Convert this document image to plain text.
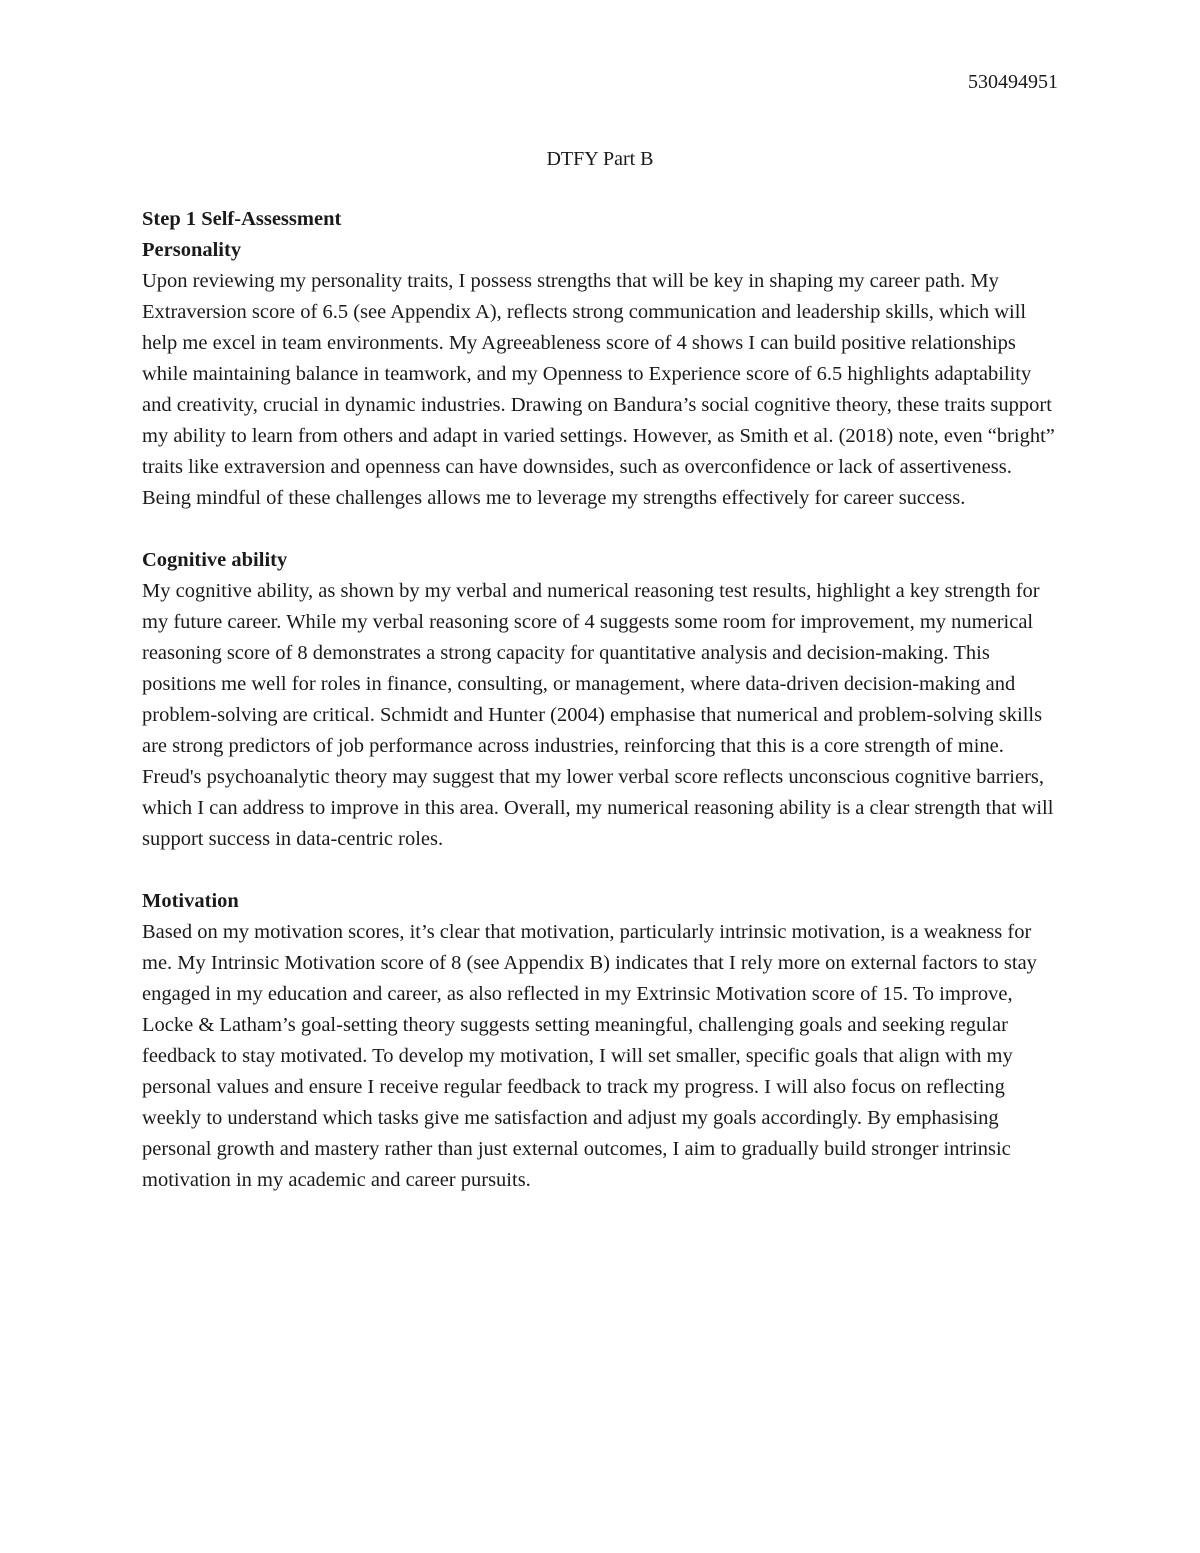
530494951
DTFY Part B

Step 1 Self-Assessment

Personality

Upon reviewing my personality traits, I possess strengths that will be key in shaping my career path. My Extraversion score of 6.5 (see Appendix A), reflects strong communication and leadership skills, which will help me excel in team environments. My Agreeableness score of 4 shows I can build positive relationships while maintaining balance in teamwork, and my Openness to Experience score of 6.5 highlights adaptability and creativity, crucial in dynamic industries. Drawing on Bandura’s social cognitive theory, these traits support my ability to learn from others and adapt in varied settings. However, as Smith et al. (2018) note, even “bright” traits like extraversion and openness can have downsides, such as overconfidence or lack of assertiveness. Being mindful of these challenges allows me to leverage my strengths effectively for career success.

Cognitive ability

My cognitive ability, as shown by my verbal and numerical reasoning test results, highlight a key strength for my future career. While my verbal reasoning score of 4 suggests some room for improvement, my numerical reasoning score of 8 demonstrates a strong capacity for quantitative analysis and decision-making. This positions me well for roles in finance, consulting, or management, where data-driven decision-making and problem-solving are critical. Schmidt and Hunter (2004) emphasise that numerical and problem-solving skills are strong predictors of job performance across industries, reinforcing that this is a core strength of mine. Freud's psychoanalytic theory may suggest that my lower verbal score reflects unconscious cognitive barriers, which I can address to improve in this area. Overall, my numerical reasoning ability is a clear strength that will support success in data-centric roles.

Motivation

Based on my motivation scores, it’s clear that motivation, particularly intrinsic motivation, is a weakness for me. My Intrinsic Motivation score of 8 (see Appendix B) indicates that I rely more on external factors to stay engaged in my education and career, as also reflected in my Extrinsic Motivation score of 15. To improve, Locke & Latham’s goal-setting theory suggests setting meaningful, challenging goals and seeking regular feedback to stay motivated. To develop my motivation, I will set smaller, specific goals that align with my personal values and ensure I receive regular feedback to track my progress. I will also focus on reflecting weekly to understand which tasks give me satisfaction and adjust my goals accordingly. By emphasising personal growth and mastery rather than just external outcomes, I aim to gradually build stronger intrinsic motivation in my academic and career pursuits.
